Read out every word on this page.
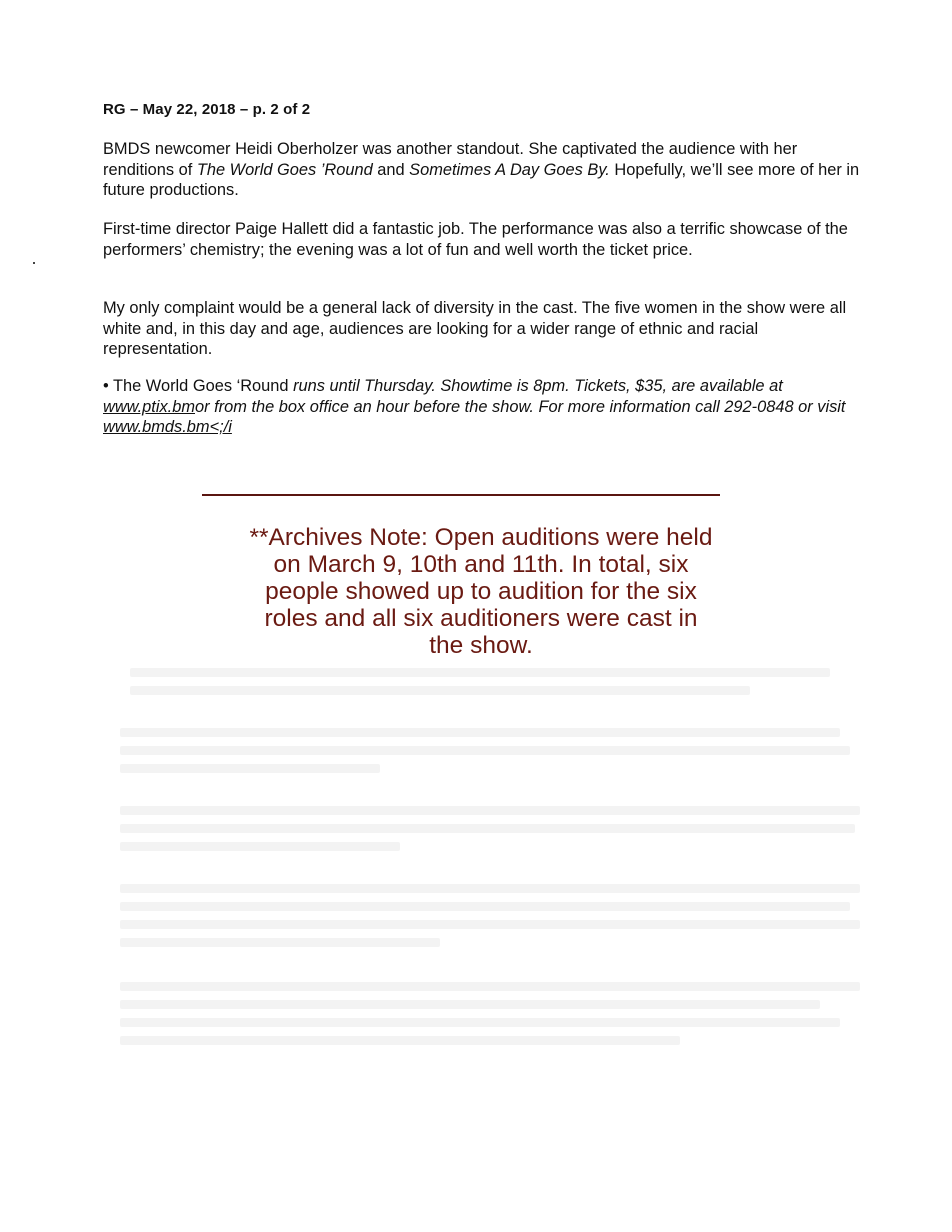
RG – May 22, 2018 – p. 2 of 2

BMDS newcomer Heidi Oberholzer was another standout. She captivated the audience with her renditions of The World Goes ’Round and Sometimes A Day Goes By. Hopefully, we’ll see more of her in future productions.

First-time director Paige Hallett did a fantastic job. The performance was also a terrific showcase of the performers’ chemistry; the evening was a lot of fun and well worth the ticket price.

My only complaint would be a general lack of diversity in the cast. The five women in the show were all white and, in this day and age, audiences are looking for a wider range of ethnic and racial representation.

• The World Goes ‘Round runs until Thursday. Showtime is 8pm. Tickets, $35, are available at www.ptix.bmor from the box office an hour before the show. For more information call 292-0848 or visit www.bmds.bm<;/i

**Archives Note: Open auditions were held
on March 9, 10th and 11th. In total, six
people showed up to audition for the six
roles and all six auditioners were cast in
the show.
